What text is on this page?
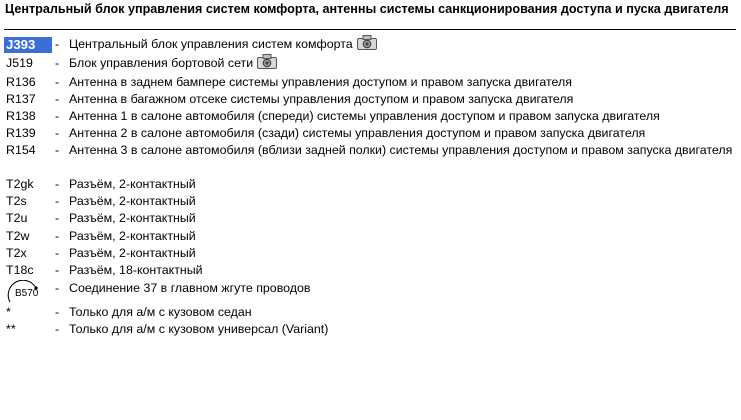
Центральный блок управления систем комфорта, антенны системы санкционирования доступа и пуска двигателя
J393	- Центральный блок управления систем комфорта
J519 - Блок управления бортовой сети
R136 - Антенна в заднем бампере системы управления доступом и правом запуска двигателя
R137 - Антенна в багажном отсеке системы управления доступом и правом запуска двигателя
R138 - Антенна 1 в салоне автомобиля (спереди) системы управления доступом и правом запуска двигателя
R139 - Антенна 2 в салоне автомобиля (сзади) системы управления доступом и правом запуска двигателя
R154 - Антенна 3 в салоне автомобиля (вблизи задней полки) системы управления доступом и правом запуска двигателя
T2gk - Разъём, 2-контактный
T2s - Разъём, 2-контактный
T2u - Разъём, 2-контактный
T2w - Разъём, 2-контактный
T2x - Разъём, 2-контактный
T18c - Разъём, 18-контактный
B570 - Соединение 37 в главном жгуте проводов
*	- Только для а/м с кузовом седан
**	- Только для а/м с кузовом универсал (Variant)
